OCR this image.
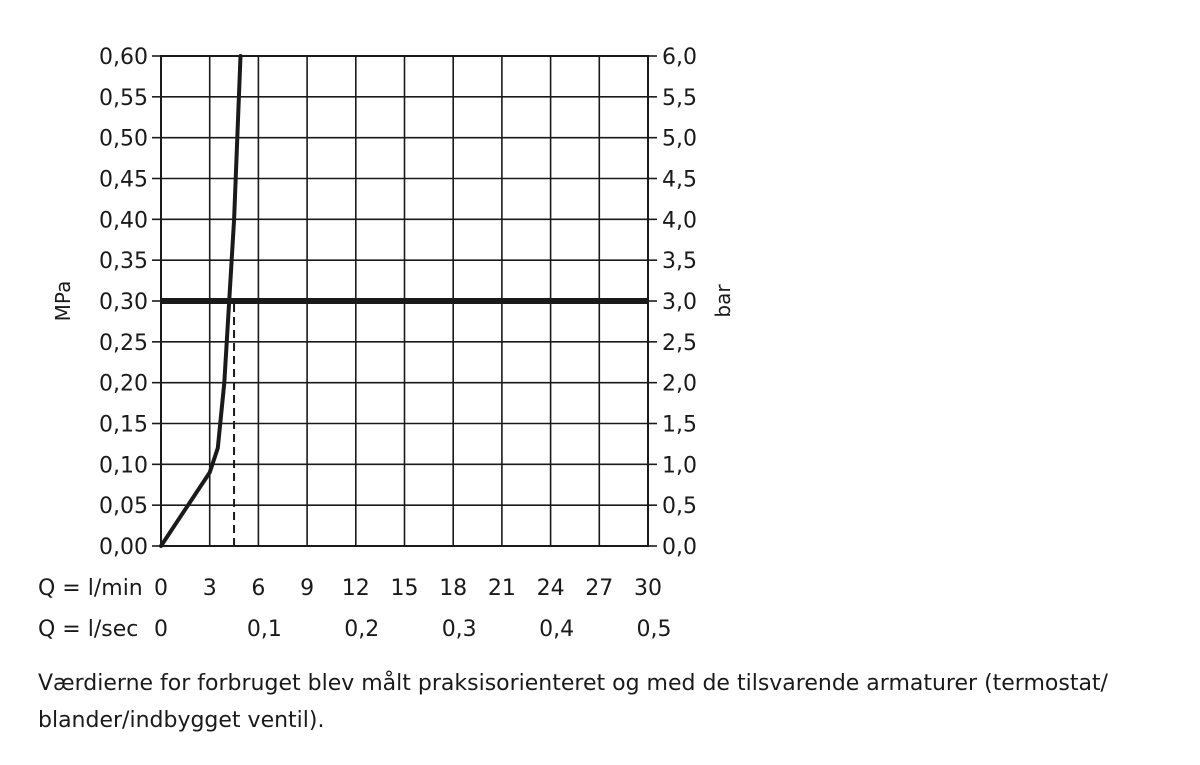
0,00
0,05
0,10
0,15
0,20
0,25
0,30
0,35
0,40
0,45
0,50
0,55
0,60
0,0
0,5
1,0
1,5
2,0
2,5
3,0
3,5
4,0
4,5
5,0
5,5
6,0
MPa	bar
Q = l/min 0 3 6 9 12 15 18 21 24 27 30
Q = l/sec 0	0,1	0,2	0,3	0,4	0,5

Værdierne for forbruget blev målt praksisorienteret og med de tilsvarende armaturer (termostat/ blander/indbygget ventil).
